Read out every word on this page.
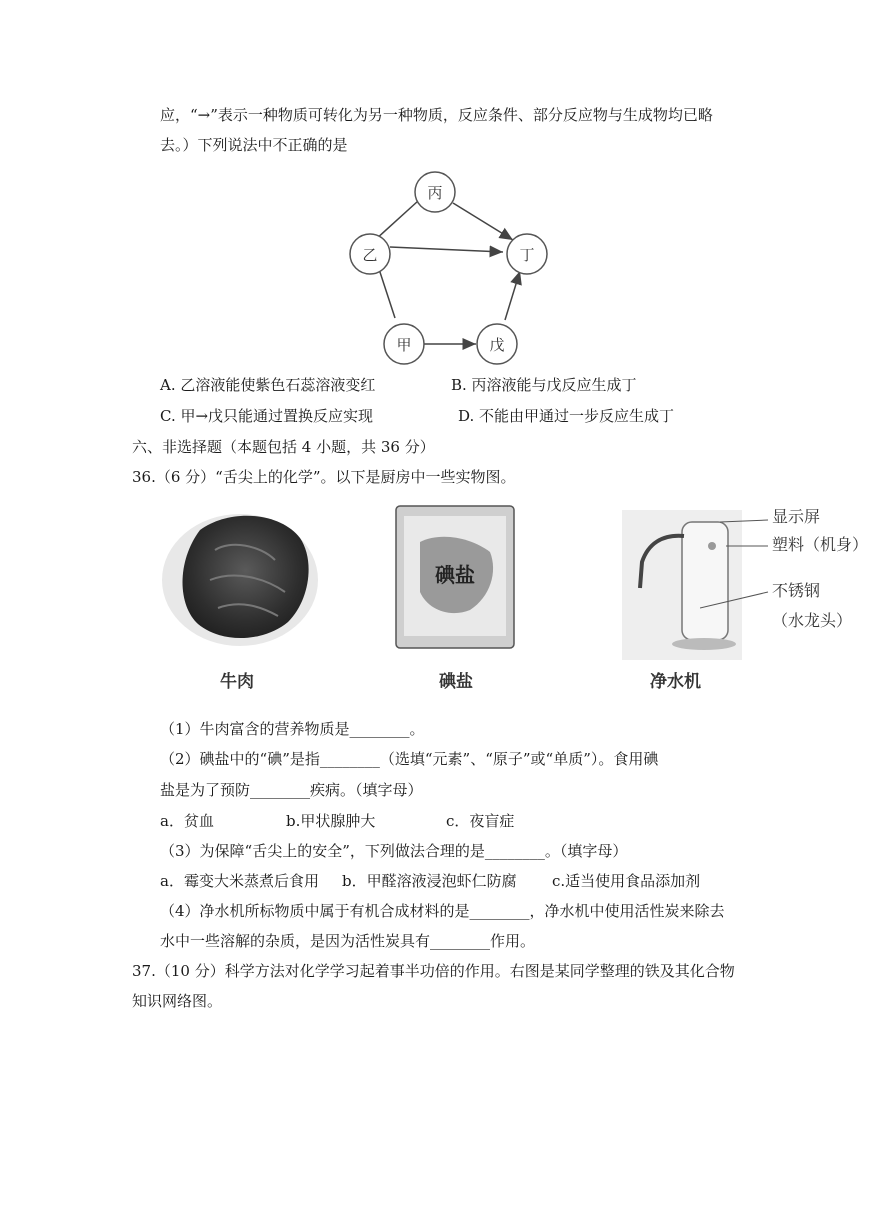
应，“→”表示一种物质可转化为另一种物质，反应条件、部分反应物与生成物均已略
去。）下列说法中不正确的是
丙
乙	丁
甲	戊
A. 乙溶液能使紫色石蕊溶液变红	B. 丙溶液能与戊反应生成丁
C. 甲→戊只能通过置换反应实现	D. 不能由甲通过一步反应生成丁
六、非选择题（本题包括 4 小题，共 36 分）
36.（6 分）“舌尖上的化学”。以下是厨房中一些实物图。
牛肉
碘盐
碘盐	净水机
显示屏
塑料（机身）
不锈钢
（水龙头）
（1）牛肉富含的营养物质是________。
（2）碘盐中的“碘”是指________（选填“元素”、“原子”或“单质”）。食用碘
盐是为了预防________疾病。（填字母）
a．贫血	b.甲状腺肿大	c．夜盲症
（3）为保障“舌尖上的安全”，下列做法合理的是________。（填字母）
a．霉变大米蒸煮后食用 b．甲醛溶液浸泡虾仁防腐 c.适当使用食品添加剂
（4）净水机所标物质中属于有机合成材料的是________，净水机中使用活性炭来除去
水中一些溶解的杂质，是因为活性炭具有________作用。
37.（10 分）科学方法对化学学习起着事半功倍的作用。右图是某同学整理的铁及其化合物
知识网络图。
